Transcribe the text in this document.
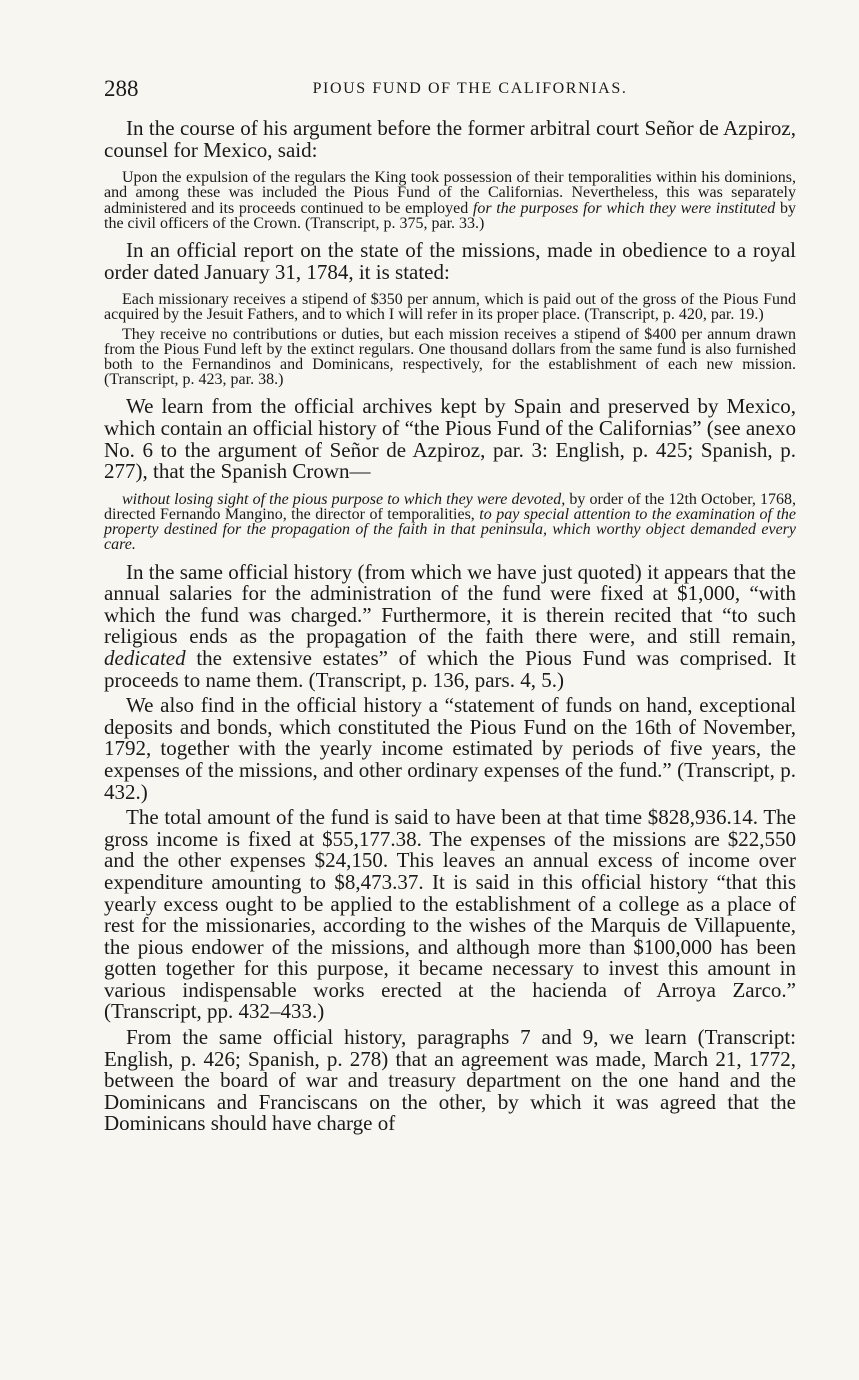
288	PIOUS FUND OF THE CALIFORNIAS.

In the course of his argument before the former arbitral court Señor de Azpiroz, counsel for Mexico, said:

Upon the expulsion of the regulars the King took possession of their temporalities within his dominions, and among these was included the Pious Fund of the Californias. Nevertheless, this was separately administered and its proceeds continued to be employed for the purposes for which they were instituted by the civil officers of the Crown. (Transcript, p. 375, par. 33.)

In an official report on the state of the missions, made in obedience to a royal order dated January 31, 1784, it is stated:

Each missionary receives a stipend of $350 per annum, which is paid out of the gross of the Pious Fund acquired by the Jesuit Fathers, and to which I will refer in its proper place. (Transcript, p. 420, par. 19.)

They receive no contributions or duties, but each mission receives a stipend of $400 per annum drawn from the Pious Fund left by the extinct regulars. One thousand dollars from the same fund is also furnished both to the Fernandinos and Dominicans, respectively, for the establishment of each new mission. (Transcript, p. 423, par. 38.)

We learn from the official archives kept by Spain and preserved by Mexico, which contain an official history of “the Pious Fund of the Californias” (see anexo No. 6 to the argument of Señor de Azpiroz, par. 3: English, p. 425; Spanish, p. 277), that the Spanish Crown—

without losing sight of the pious purpose to which they were devoted, by order of the 12th October, 1768, directed Fernando Mangino, the director of temporalities, to pay special attention to the examination of the property destined for the propagation of the faith in that peninsula, which worthy object demanded every care.

In the same official history (from which we have just quoted) it appears that the annual salaries for the administration of the fund were fixed at $1,000, “with which the fund was charged.” Furthermore, it is therein recited that “to such religious ends as the propagation of the faith there were, and still remain, dedicated the extensive estates” of which the Pious Fund was comprised. It proceeds to name them. (Transcript, p. 136, pars. 4, 5.)

We also find in the official history a “statement of funds on hand, exceptional deposits and bonds, which constituted the Pious Fund on the 16th of November, 1792, together with the yearly income estimated by periods of five years, the expenses of the missions, and other ordinary expenses of the fund.” (Transcript, p. 432.)

The total amount of the fund is said to have been at that time $828,936.14. The gross income is fixed at $55,177.38. The expenses of the missions are $22,550 and the other expenses $24,150. This leaves an annual excess of income over expenditure amounting to $8,473.37. It is said in this official history “that this yearly excess ought to be applied to the establishment of a college as a place of rest for the missionaries, according to the wishes of the Marquis de Villapuente, the pious endower of the missions, and although more than $100,000 has been gotten together for this purpose, it became necessary to invest this amount in various indispensable works erected at the hacienda of Arroya Zarco.” (Transcript, pp. 432–433.)

From the same official history, paragraphs 7 and 9, we learn (Transcript: English, p. 426; Spanish, p. 278) that an agreement was made, March 21, 1772, between the board of war and treasury department on the one hand and the Dominicans and Franciscans on the other, by which it was agreed that the Dominicans should have charge of
